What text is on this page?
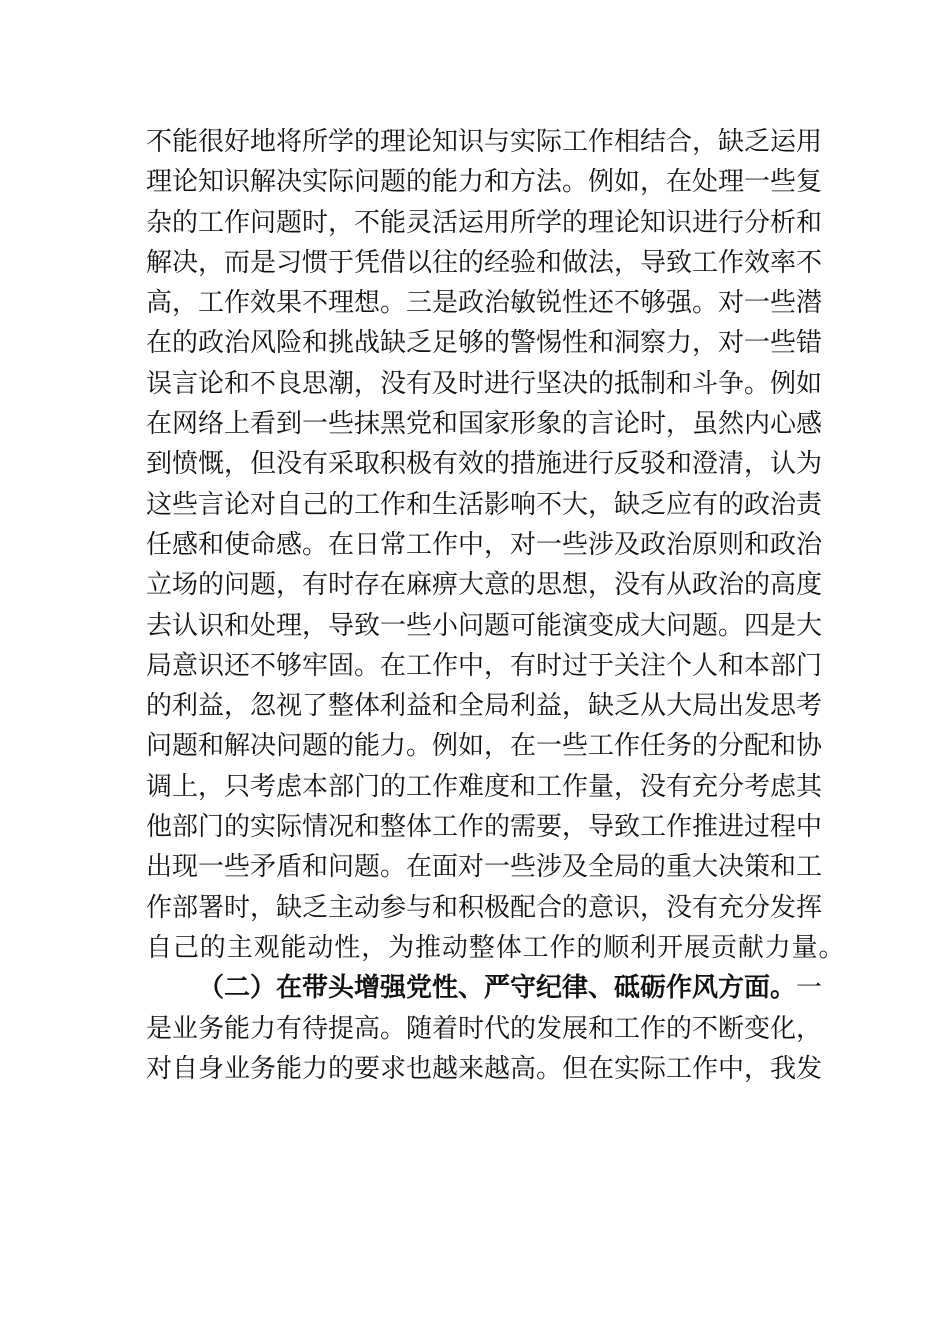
不能很好地将所学的理论知识与实际工作相结合，缺乏运用
理论知识解决实际问题的能力和方法。例如，在处理一些复
杂的工作问题时，不能灵活运用所学的理论知识进行分析和
解决，而是习惯于凭借以往的经验和做法，导致工作效率不
高，工作效果不理想。三是政治敏锐性还不够强。对一些潜
在的政治风险和挑战缺乏足够的警惕性和洞察力，对一些错
误言论和不良思潮，没有及时进行坚决的抵制和斗争。例如
在网络上看到一些抹黑党和国家形象的言论时，虽然内心感
到愤慨，但没有采取积极有效的措施进行反驳和澄清，认为
这些言论对自己的工作和生活影响不大，缺乏应有的政治责
任感和使命感。在日常工作中，对一些涉及政治原则和政治
立场的问题，有时存在麻痹大意的思想，没有从政治的高度
去认识和处理，导致一些小问题可能演变成大问题。四是大
局意识还不够牢固。在工作中，有时过于关注个人和本部门
的利益，忽视了整体利益和全局利益，缺乏从大局出发思考
问题和解决问题的能力。例如，在一些工作任务的分配和协
调上，只考虑本部门的工作难度和工作量，没有充分考虑其
他部门的实际情况和整体工作的需要，导致工作推进过程中
出现一些矛盾和问题。在面对一些涉及全局的重大决策和工
作部署时，缺乏主动参与和积极配合的意识，没有充分发挥
自己的主观能动性，为推动整体工作的顺利开展贡献力量。
（二）在带头增强党性、严守纪律、砥砺作风方面。一
是业务能力有待提高。随着时代的发展和工作的不断变化，
对自身业务能力的要求也越来越高。但在实际工作中，我发
